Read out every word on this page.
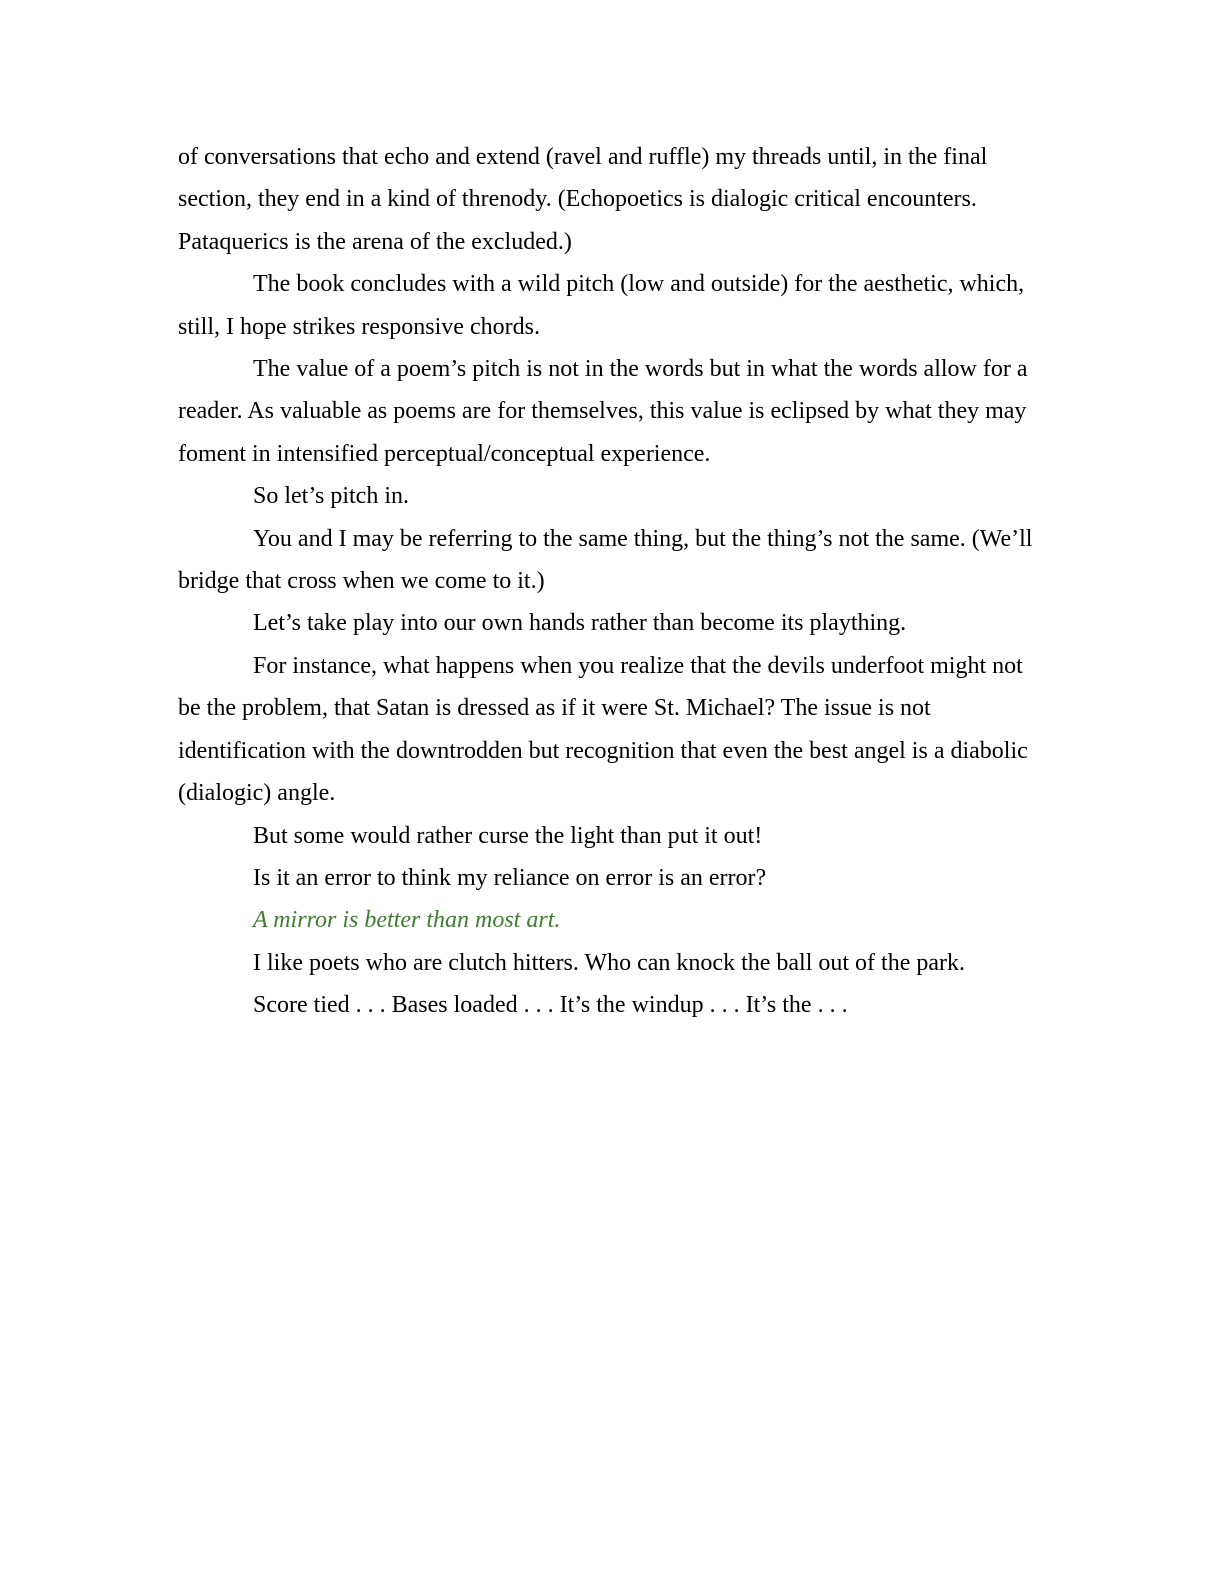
of conversations that echo and extend (ravel and ruffle) my threads until, in the final section, they end in a kind of threnody. (Echopoetics is dialogic critical encounters. Pataquerics is the arena of the excluded.)

The book concludes with a wild pitch (low and outside) for the aesthetic, which, still, I hope strikes responsive chords.

The value of a poem’s pitch is not in the words but in what the words allow for a reader. As valuable as poems are for themselves, this value is eclipsed by what they may foment in intensified perceptual/conceptual experience.

So let’s pitch in.

You and I may be referring to the same thing, but the thing’s not the same. (We’ll bridge that cross when we come to it.)

Let’s take play into our own hands rather than become its plaything.

For instance, what happens when you realize that the devils underfoot might not be the problem, that Satan is dressed as if it were St. Michael? The issue is not identification with the downtrodden but recognition that even the best angel is a diabolic (dialogic) angle.

But some would rather curse the light than put it out!

Is it an error to think my reliance on error is an error?

A mirror is better than most art.

I like poets who are clutch hitters. Who can knock the ball out of the park.

Score tied . . . Bases loaded . . . It’s the windup . . . It’s the . . .
